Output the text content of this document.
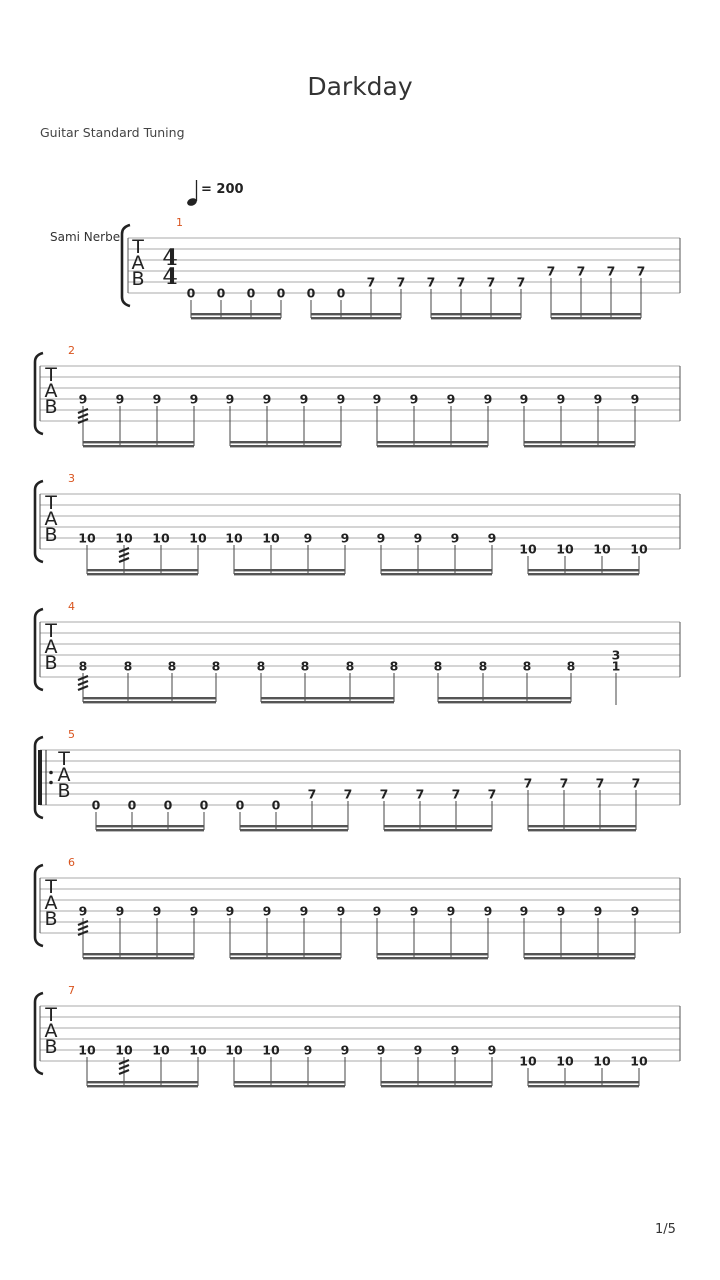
Darkday
Guitar Standard Tuning
= 200
Sami Nerbe T
A
B
4
4
1
0 0 0 0 0 0
7 7 7 7 7 7
7 7 7 7
T
A
B
2
9 9 9 9 9 9 9 9 9 9 9 9 9 9 9 9
T
A
B
3
10 10 10 10 10 10 9 9 9 9 9 9
10 10 10 10
T
A
B
4
8	8	8	8	8	8	8	8	8	8	8	8
3
1
T
A
B
5
0 0 0 0 0 0
7 7 7 7 7 7
7 7 7 7
T
A
B
6
9 9 9 9 9 9 9 9 9 9 9 9 9 9 9 9
T
A
B
7
10 10 10 10 10 10 9 9 9 9 9 9
10 10 10 10
1/5
